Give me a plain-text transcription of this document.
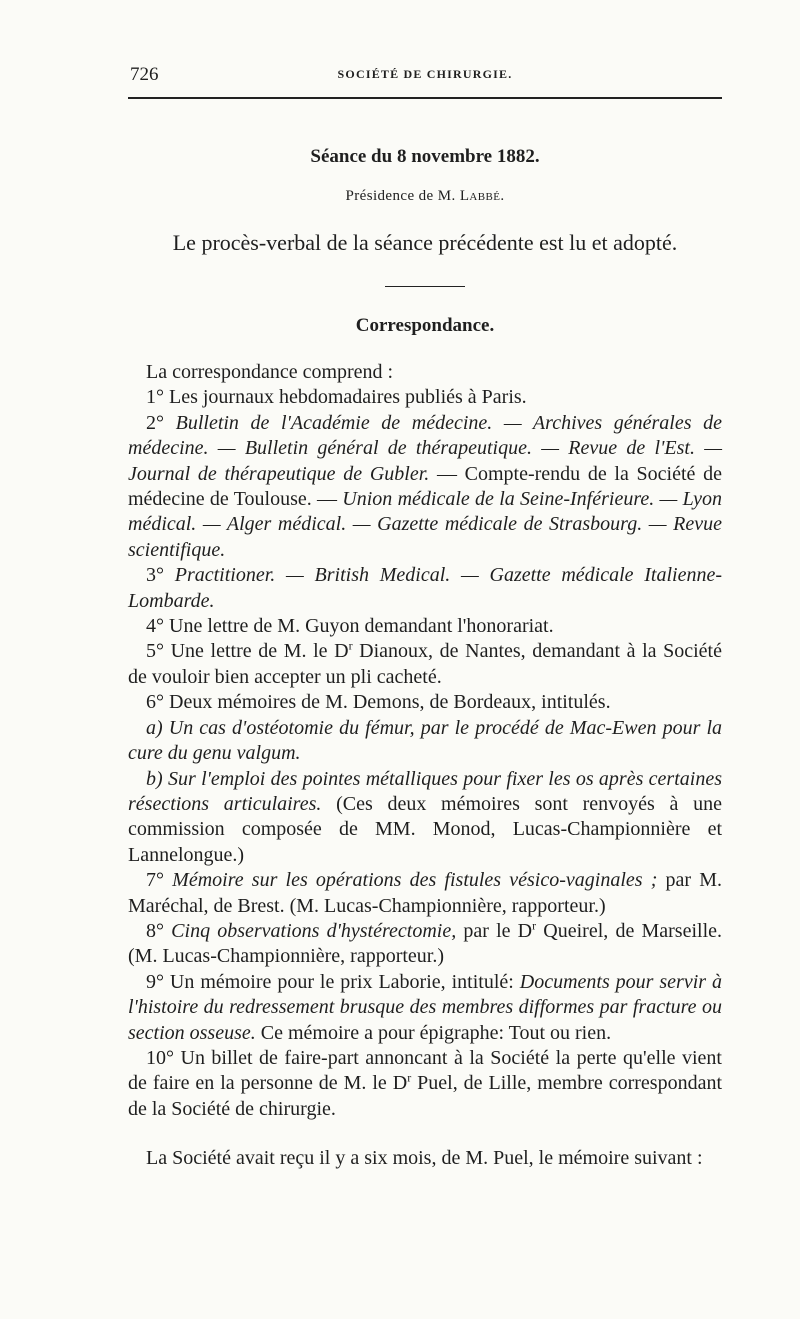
726	SOCIÉTÉ DE CHIRURGIE.
Séance du 8 novembre 1882.
Présidence de M. Labbé.
Le procès-verbal de la séance précédente est lu et adopté.
Correspondance.

La correspondance comprend :

1° Les journaux hebdomadaires publiés à Paris.

2° Bulletin de l'Académie de médecine. — Archives générales de médecine. — Bulletin général de thérapeutique. — Revue de l'Est. — Journal de thérapeutique de Gubler. — Compte-rendu de la Société de médecine de Toulouse. — Union médicale de la Seine-Inférieure. — Lyon médical. — Alger médical. — Gazette médicale de Strasbourg. — Revue scientifique.

3° Practitioner. — British Medical. — Gazette médicale Italienne-Lombarde.

4° Une lettre de M. Guyon demandant l'honorariat.

5° Une lettre de M. le $D^r$ Dianoux, de Nantes, demandant à la Société de vouloir bien accepter un pli cacheté.

6° Deux mémoires de M. Demons, de Bordeaux, intitulés.

a) Un cas d'ostéotomie du fémur, par le procédé de Mac-Ewen pour la cure du genu valgum.

b) Sur l'emploi des pointes métalliques pour fixer les os après certaines résections articulaires. (Ces deux mémoires sont renvoyés à une commission composée de MM. Monod, Lucas-Championnière et Lannelongue.)

7° Mémoire sur les opérations des fistules vésico-vaginales ; par M. Maréchal, de Brest. (M. Lucas-Championnière, rapporteur.)

8° Cinq observations d'hystérectomie, par le $D^r$ Queirel, de Marseille. (M. Lucas-Championnière, rapporteur.)

9° Un mémoire pour le prix Laborie, intitulé: Documents pour servir à l'histoire du redressement brusque des membres difformes par fracture ou section osseuse. Ce mémoire a pour épigraphe: Tout ou rien.

10° Un billet de faire-part annoncant à la Société la perte qu'elle vient de faire en la personne de M. le $D^r$ Puel, de Lille, membre correspondant de la Société de chirurgie.

La Société avait reçu il y a six mois, de M. Puel, le mémoire suivant :
